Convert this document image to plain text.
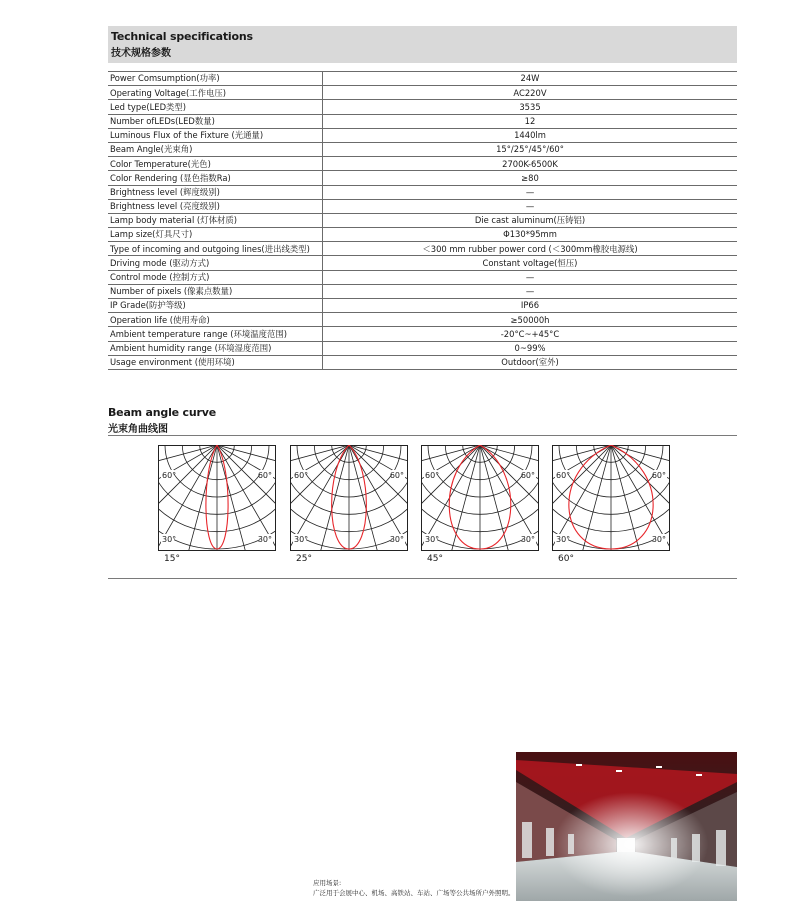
Technical specifications
技术规格参数
Power Comsumption(功率)	24W
Operating Voltage(工作电压)	AC220V
Led type(LED类型)	3535
Number ofLEDs(LED数量)	12
Luminous Flux of the Fixture (光通量)	1440lm
Beam Angle(光束角)	15°/25°/45°/60°
Color Temperature(光色)	2700K-6500K
Color Rendering (显色指数Ra)	≥80
Brightness level (辉度级别)	—
Brightness level (亮度级别)	—
Lamp body material (灯体材质)	Die cast aluminum(压铸铝)
Lamp size(灯具尺寸)	Φ130*95mm
Type of incoming and outgoing lines(进出线类型)	＜300 mm rubber power cord (＜300mm橡胶电源线)
Driving mode (驱动方式)	Constant voltage(恒压)
Control mode (控制方式)	—
Number of pixels (像素点数量)	—
IP Grade(防护等级)	IP66
Operation life (使用寿命)	≥50000h
Ambient temperature range (环境温度范围)	-20°C~+45°C
Ambient humidity range (环境湿度范围)	0~99%
Usage environment (使用环境)	Outdoor(室外)
Beam angle curve
光束角曲线图
60°	60°
30°	30°
15°
60°	60°
30°	30°
25°
60°	60°
30°	30°
45°
60°	60°
30°	30°
60°
应用场景:
广泛用于会展中心、机场、高铁站、车站、广场等公共场所户外照明。
